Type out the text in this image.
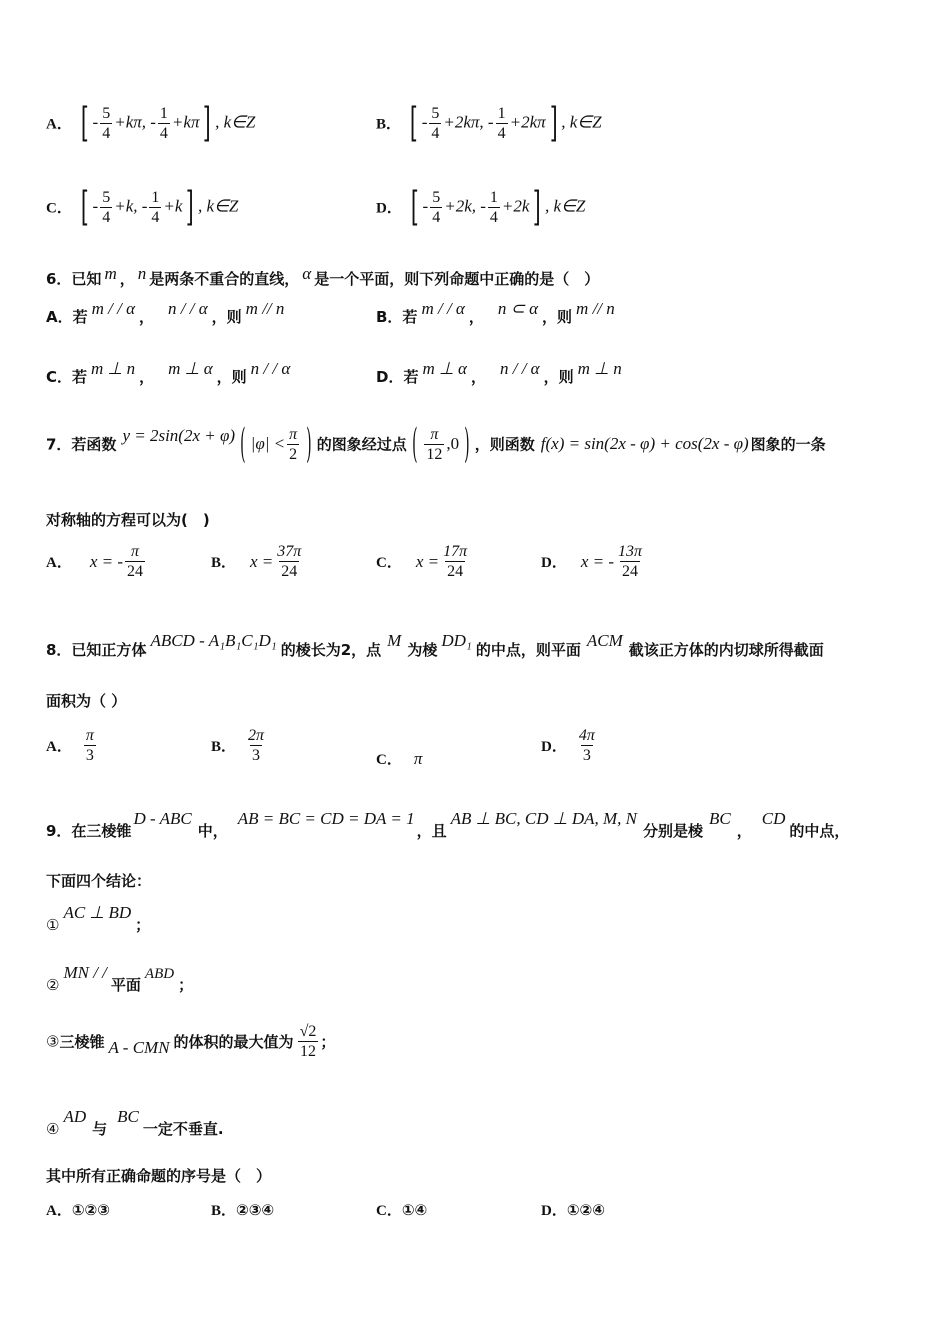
A． [ - $\frac{5}{4} +k\pi$, - $\frac{1}{4} +k\pi$] , k∈Z	B． [ - $\frac{5}{4} +2k\pi$, - $\frac{1}{4} +2k\pi$] , k∈Z
C． [ - $\frac{5}{4} +k$, - $\frac{1}{4} +k$] , k∈Z	D． [ - $\frac{5}{4} +2k$, - $\frac{1}{4} +2k$] , k∈Z
6．已知 m ， n 是两条不重合的直线， α 是一个平面，则下列命题中正确的是（　）
A．若 m / / α ， n / / α ，则 m // n	B．若 m / / α ， n ⊂ α ，则 m // n
C．若 m ⊥ n ， m ⊥ α ，则 n / / α	D．若 m ⊥ α ， n / / α ，则 m ⊥ n
7．若函数 y = 2sin(2x + φ) ( $|\varphi| < \frac{\pi}{2}$ ) 的图象经过点 ( $\frac{\pi}{12} ,0$ ) ，则函数 f(x) = sin(2x - φ) + cos(2x - φ) 图象的一条
对称轴的方程可以为(　)
A． x = - $\frac{\pi}{24}$	B． $x = \frac{37\pi}{24}$	C． $x = \frac{17\pi}{24}$	D． x = - $\frac{13\pi}{24}$
8．已知正方体 ABCD - A₁B₁C₁D₁ 的棱长为2，点 M 为棱 DD₁ 的中点，则平面 ACM 截该正方体的内切球所得截面
面积为（ ）
A． $\frac{\pi}{3}$	B． $\frac{2\pi}{3}$	C． π
D． $\frac{4\pi}{3}$
9．在三棱锥D - ABC中，AB = BC = CD = DA = 1，且AB ⊥ BC, CD ⊥ DA, M, N分别是棱BC，CD的中点，
下面四个结论：
①AC ⊥ BD；
②MN / /平面ABD；
③三棱锥 A - CMN 的体积的最大值为 $\frac{√2}{12}$ ；
④AD与BC一定不垂直.
其中所有正确命题的序号是（　）
A．①②③	B．②③④	C．①④	D．①②④
